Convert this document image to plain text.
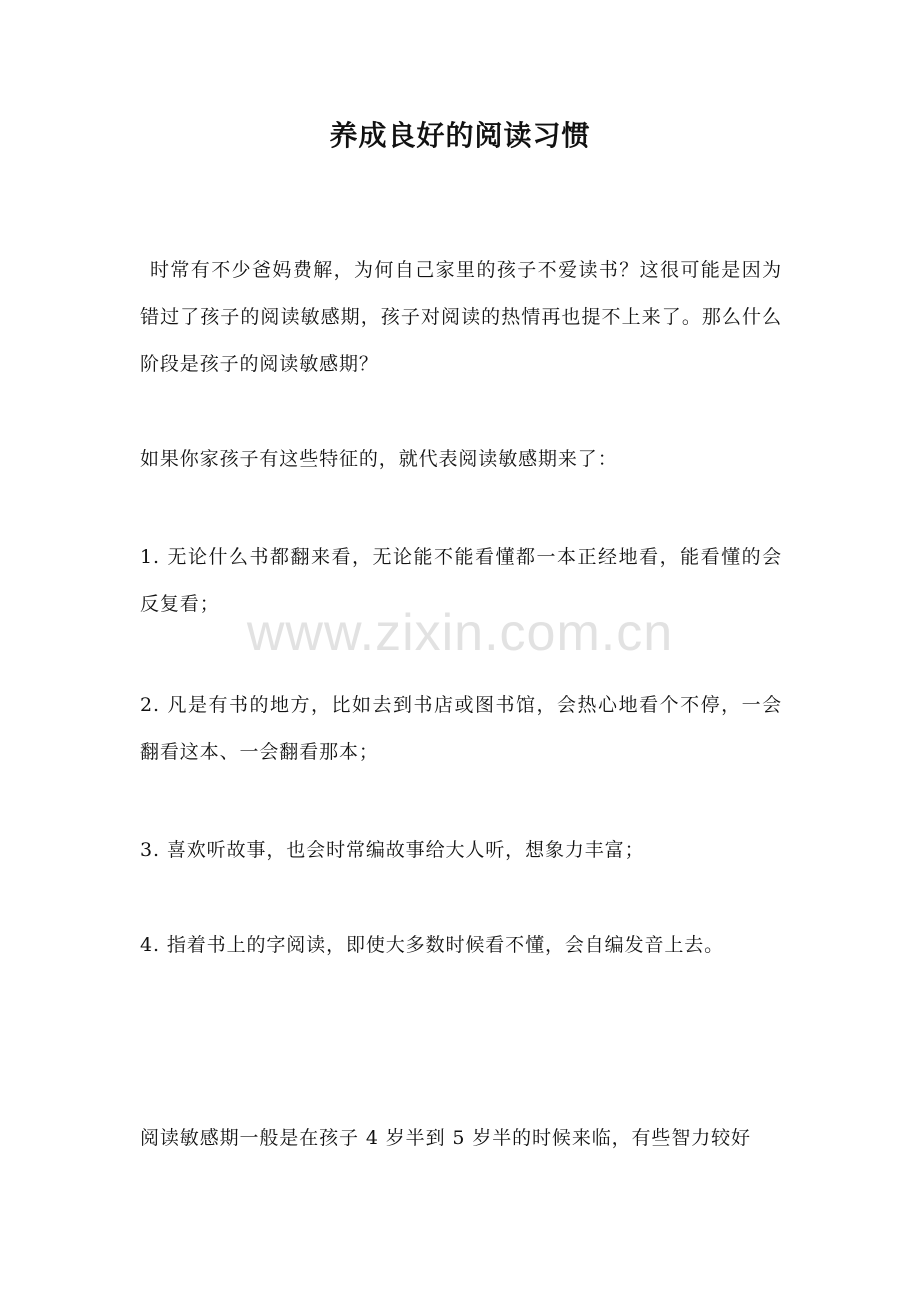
养成良好的阅读习惯

时常有不少爸妈费解，为何自己家里的孩子不爱读书？这很可能是因为错过了孩子的阅读敏感期，孩子对阅读的热情再也提不上来了。那么什么阶段是孩子的阅读敏感期？

如果你家孩子有这些特征的，就代表阅读敏感期来了：

1. 无论什么书都翻来看，无论能不能看懂都一本正经地看，能看懂的会反复看；

2. 凡是有书的地方，比如去到书店或图书馆，会热心地看个不停，一会翻看这本、一会翻看那本；

3. 喜欢听故事，也会时常编故事给大人听，想象力丰富；

4. 指着书上的字阅读，即使大多数时候看不懂，会自编发音上去。

阅读敏感期一般是在孩子 4 岁半到 5 岁半的时候来临，有些智力较好

www.zixin.com.cn
